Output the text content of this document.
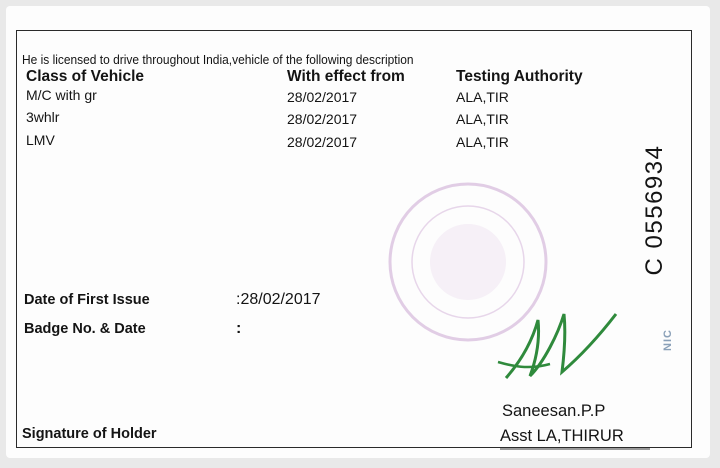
He is licensed to drive throughout India,vehicle of the following description
Class of Vehicle	With effect from	Testing Authority
M/C with gr	28/02/2017	ALA,TIR
3whlr	28/02/2017	ALA,TIR
LMV	28/02/2017	ALA,TIR
C 0556934
NIC
Date of First Issue	:28/02/2017
Badge No. & Date	:
Signature of Holder
Saneesan.P.P
Asst LA,THIRUR
